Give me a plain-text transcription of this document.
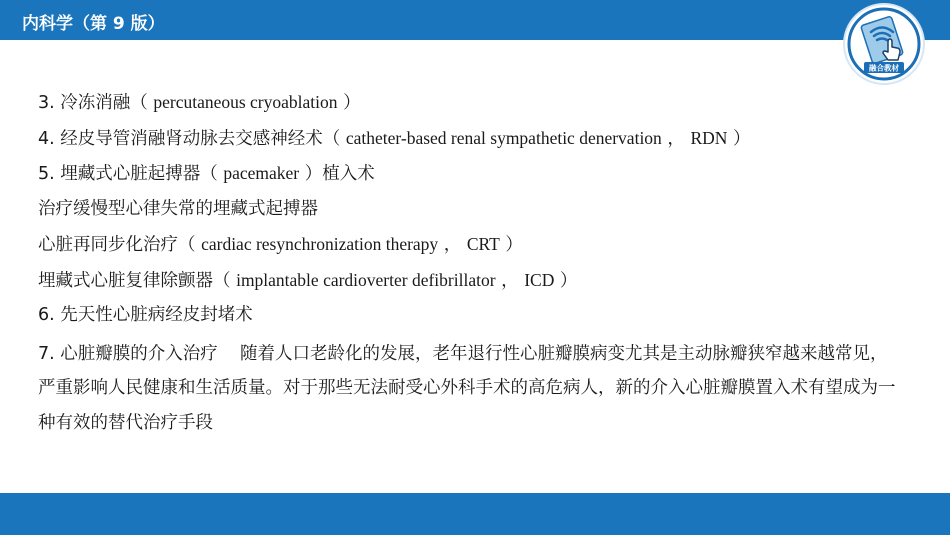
内科学（第 9 版）
融合教材
3. 冷冻消融（ percutaneous cryoablation ）
4. 经皮导管消融肾动脉去交感神经术（ catheter-based renal sympathetic denervation ， RDN ）
5. 埋藏式心脏起搏器（ pacemaker ）植入术
治疗缓慢型心律失常的埋藏式起搏器
心脏再同步化治疗（ cardiac resynchronization therapy ， CRT ）
埋藏式心脏复律除颤器（ implantable cardioverter defibrillator ， ICD ）
6. 先天性心脏病经皮封堵术
7. 心脏瓣膜的介入治疗 随着人口老龄化的发展，老年退行性心脏瓣膜病变尤其是主动脉瓣狭窄越来越常见，严重影响人民健康和生活质量。对于那些无法耐受心外科手术的高危病人，新的介入心脏瓣膜置入术有望成为一种有效的替代治疗手段
